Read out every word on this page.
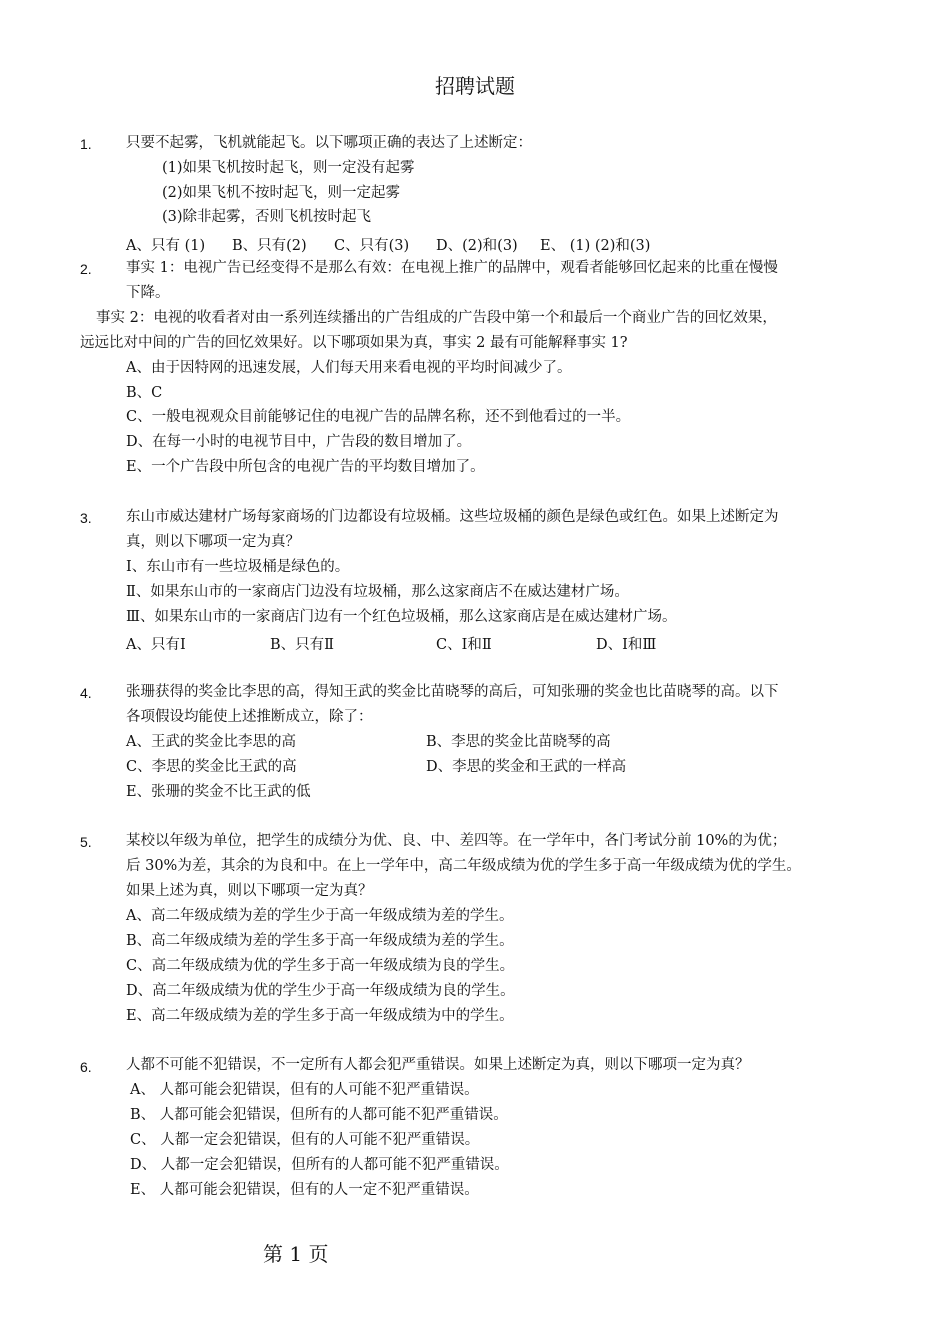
招聘试题
1. 只要不起雾，飞机就能起飞。以下哪项正确的表达了上述断定：
(1)如果飞机按时起飞，则一定没有起雾
(2)如果飞机不按时起飞，则一定起雾
(3)除非起雾，否则飞机按时起飞
A、只有 (1) B、只有(2) C、只有(3) D、(2)和(3) E、 (1) (2)和(3)
2. 事实 1：电视广告已经变得不是那么有效：在电视上推广的品牌中，观看者能够回忆起来的比重在慢慢
下降。
事实 2：电视的收看者对由一系列连续播出的广告组成的广告段中第一个和最后一个商业广告的回忆效果，
远远比对中间的广告的回忆效果好。以下哪项如果为真，事实 2 最有可能解释事实 1?
A、由于因特网的迅速发展，人们每天用来看电视的平均时间减少了。
B、C
C、一般电视观众目前能够记住的电视广告的品牌名称，还不到他看过的一半。
D、在每一小时的电视节目中，广告段的数目增加了。
E、一个广告段中所包含的电视广告的平均数目增加了。
3. 东山市威达建材广场每家商场的门边都设有垃圾桶。这些垃圾桶的颜色是绿色或红色。如果上述断定为
真，则以下哪项一定为真？
Ⅰ、东山市有一些垃圾桶是绿色的。
Ⅱ、如果东山市的一家商店门边没有垃圾桶，那么这家商店不在威达建材广场。
Ⅲ、如果东山市的一家商店门边有一个红色垃圾桶，那么这家商店是在威达建材广场。
A、只有Ⅰ	B、只有Ⅱ	C、Ⅰ和Ⅱ	D、Ⅰ和Ⅲ
4. 张珊获得的奖金比李思的高，得知王武的奖金比苗晓琴的高后，可知张珊的奖金也比苗晓琴的高。以下
各项假设均能使上述推断成立，除了：
A、王武的奖金比李思的高	B、李思的奖金比苗晓琴的高
C、李思的奖金比王武的高	D、李思的奖金和王武的一样高
E、张珊的奖金不比王武的低
5. 某校以年级为单位，把学生的成绩分为优、良、中、差四等。在一学年中，各门考试分前 10%的为优；
后 30%为差，其余的为良和中。在上一学年中，高二年级成绩为优的学生多于高一年级成绩为优的学生。
如果上述为真，则以下哪项一定为真？
A、高二年级成绩为差的学生少于高一年级成绩为差的学生。
B、高二年级成绩为差的学生多于高一年级成绩为差的学生。
C、高二年级成绩为优的学生多于高一年级成绩为良的学生。
D、高二年级成绩为优的学生少于高一年级成绩为良的学生。
E、高二年级成绩为差的学生多于高一年级成绩为中的学生。
6. 人都不可能不犯错误，不一定所有人都会犯严重错误。如果上述断定为真，则以下哪项一定为真？
A、 人都可能会犯错误，但有的人可能不犯严重错误。
B、 人都可能会犯错误，但所有的人都可能不犯严重错误。
C、 人都一定会犯错误，但有的人可能不犯严重错误。
D、 人都一定会犯错误，但所有的人都可能不犯严重错误。
E、 人都可能会犯错误，但有的人一定不犯严重错误。
第 1 页
